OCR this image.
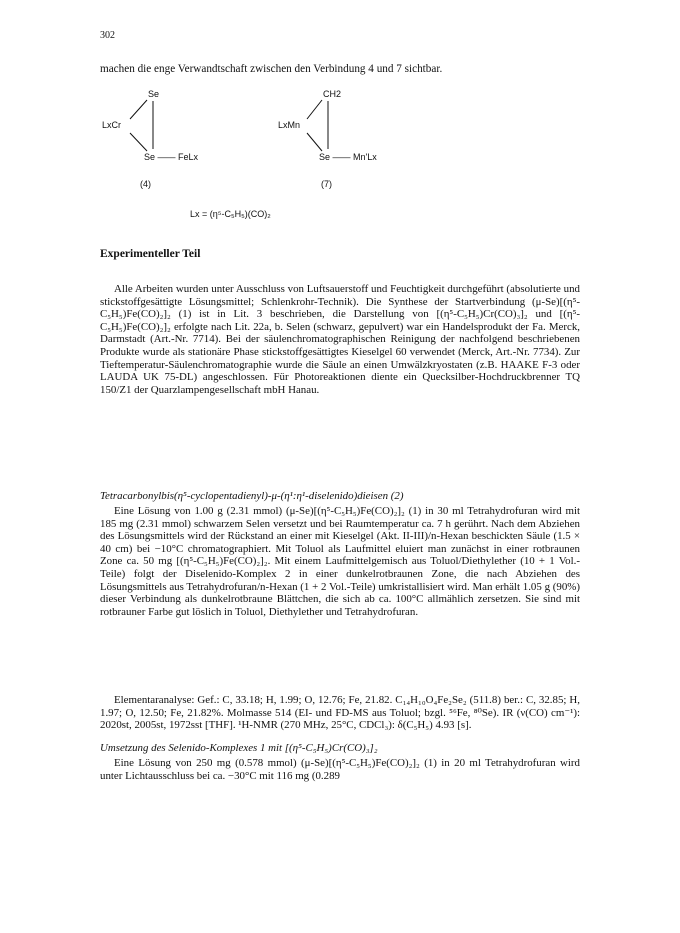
302
machen die enge Verwandtschaft zwischen den Verbindung 4 und 7 sichtbar.
Se
LxCr
Se —— FeLx
(4)
CH2
LxMn
Se —— Mn'Lx
(7)
Lx = (η⁵-C₅H₅)(CO)₂
Experimenteller Teil

Alle Arbeiten wurden unter Ausschluss von Luftsauerstoff und Feuchtigkeit durchgeführt (absolutierte und stickstoffgesättigte Lösungsmittel; Schlenkrohr-Technik). Die Synthese der Startverbindung (μ-Se)[(η⁵-C₅H₅)Fe(CO)₂]₂ (1) ist in Lit. 3 beschrieben, die Darstellung von [(η⁵-C₅H₅)Cr(CO)₃]₂ und [(η⁵-C₅H₅)Fe(CO)₂]₂ erfolgte nach Lit. 22a, b. Selen (schwarz, gepulvert) war ein Handelsprodukt der Fa. Merck, Darmstadt (Art.-Nr. 7714). Bei der säulenchromatographischen Reinigung der nachfolgend beschriebenen Produkte wurde als stationäre Phase stickstoffgesättigtes Kieselgel 60 verwendet (Merck, Art.-Nr. 7734). Zur Tieftemperatur-Säulenchromatographie wurde die Säule an einen Umwälzkryostaten (z.B. HAAKE F-3 oder LAUDA UK 75-DL) angeschlossen. Für Photoreaktionen diente ein Quecksilber-Hochdruckbrenner TQ 150/Z1 der Quarzlampengesellschaft mbH Hanau.

Tetracarbonylbis(η⁵-cyclopentadienyl)-μ-(η¹:η¹-diselenido)dieisen (2)

Eine Lösung von 1.00 g (2.31 mmol) (μ-Se)[(η⁵-C₅H₅)Fe(CO)₂]₂ (1) in 30 ml Tetrahydrofuran wird mit 185 mg (2.31 mmol) schwarzem Selen versetzt und bei Raumtemperatur ca. 7 h gerührt. Nach dem Abziehen des Lösungsmittels wird der Rückstand an einer mit Kieselgel (Akt. II-III)/n-Hexan beschickten Säule (1.5 × 40 cm) bei −10°C chromatographiert. Mit Toluol als Laufmittel eluiert man zunächst in einer rotbraunen Zone ca. 50 mg [(η⁵-C₅H₅)Fe(CO)₂]₂. Mit einem Laufmittelgemisch aus Toluol/Diethylether (10 + 1 Vol.-Teile) folgt der Diselenido-Komplex 2 in einer dunkelrotbraunen Zone, die nach Abziehen des Lösungsmittels aus Tetrahydrofuran/n-Hexan (1 + 2 Vol.-Teile) umkristallisiert wird. Man erhält 1.05 g (90%) dieser Verbindung als dunkelrotbraune Blättchen, die sich ab ca. 100°C allmählich zersetzen. Sie sind mit rotbrauner Farbe gut löslich in Toluol, Diethylether und Tetrahydrofuran.

Elementaranalyse: Gef.: C, 33.18; H, 1.99; O, 12.76; Fe, 21.82. C₁₄H₁₀O₄Fe₂Se₂ (511.8) ber.: C, 32.85; H, 1.97; O, 12.50; Fe, 21.82%. Molmasse 514 (EI- und FD-MS aus Toluol; bzgl. ⁵⁶Fe, ⁸⁰Se). IR (ν(CO) cm⁻¹): 2020st, 2005st, 1972sst [THF]. ¹H-NMR (270 MHz, 25°C, CDCl₃): δ(C₅H₅) 4.93 [s].

Umsetzung des Selenido-Komplexes 1 mit [(η⁵-C₅H₅)Cr(CO)₃]₂

Eine Lösung von 250 mg (0.578 mmol) (μ-Se)[(η⁵-C₅H₅)Fe(CO)₂]₂ (1) in 20 ml Tetrahydrofuran wird unter Lichtausschluss bei ca. −30°C mit 116 mg (0.289
